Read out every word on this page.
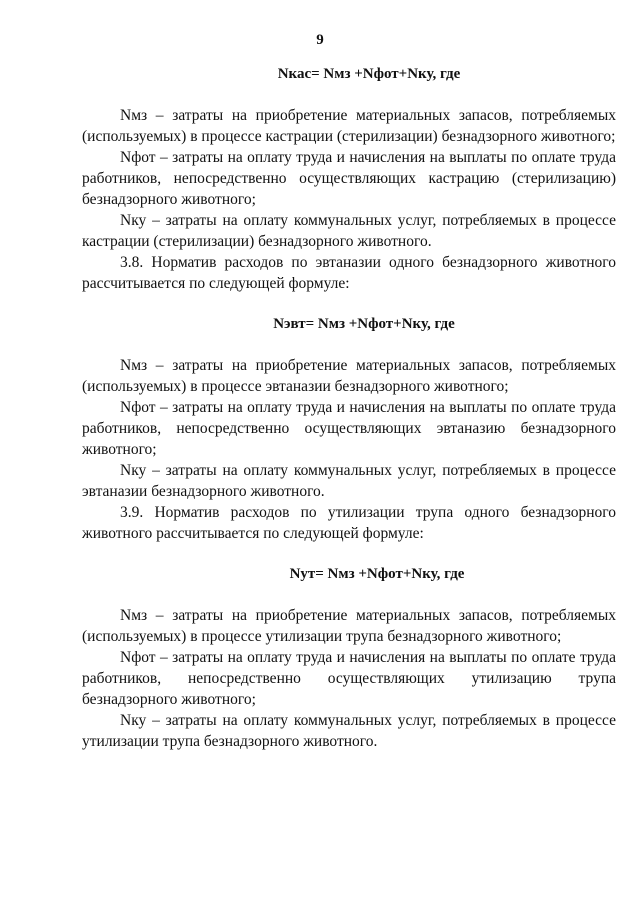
9
Nкас= Nмз +Nфот+Nку, где

Nмз – затраты на приобретение материальных запасов, потребляемых (используемых) в процессе кастрации (стерилизации) безнадзорного животного;

Nфот – затраты на оплату труда и начисления на выплаты по оплате труда работников, непосредственно осуществляющих кастрацию (стерилизацию) безнадзорного животного;

Nку – затраты на оплату коммунальных услуг, потребляемых в процессе кастрации (стерилизации) безнадзорного животного.

3.8. Норматив расходов по эвтаназии одного безнадзорного животного рассчитывается по следующей формуле:

Nэвт= Nмз +Nфот+Nку, где

Nмз – затраты на приобретение материальных запасов, потребляемых (используемых) в процессе эвтаназии безнадзорного животного;

Nфот – затраты на оплату труда и начисления на выплаты по оплате труда работников, непосредственно осуществляющих эвтаназию безнадзорного животного;

Nку – затраты на оплату коммунальных услуг, потребляемых в процессе эвтаназии безнадзорного животного.

3.9. Норматив расходов по утилизации трупа одного безнадзорного животного рассчитывается по следующей формуле:

Nут= Nмз +Nфот+Nку, где

Nмз – затраты на приобретение материальных запасов, потребляемых (используемых) в процессе утилизации трупа безнадзорного животного;

Nфот – затраты на оплату труда и начисления на выплаты по оплате труда работников, непосредственно осуществляющих утилизацию трупа безнадзорного животного;

Nку – затраты на оплату коммунальных услуг, потребляемых в процессе утилизации трупа безнадзорного животного.
